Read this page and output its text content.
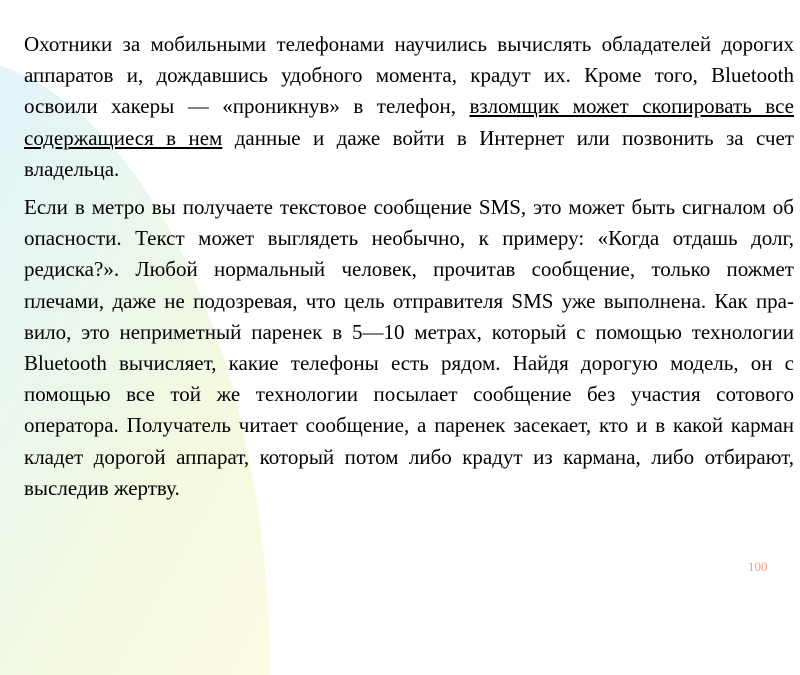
Охотники за мобильными телефонами научились вычислять обладателей дорогих аппаратов и, дождавшись удобного момента, крадут их. Кроме того, Bluetooth освоили хакеры — «проникнув» в телефон, взломщик может скопировать все содержащиеся в нем данные и даже войти в Интернет или позвонить за счет владельца.

Если в метро вы получаете текстовое сообщение SMS, это может быть сигналом об опасности. Текст может выглядеть необычно, к примеру: «Когда отдашь долг, редиска?». Любой нормальный человек, прочитав сообщение, только пожмет плечами, даже не подозревая, что цель отправителя SMS уже выполнена. Как пра-вило, это неприметный паренек в 5—10 метрах, который с помощью технологии Bluetooth вычисляет, какие телефоны есть рядом. Найдя дорогую модель, он с помощью все той же технологии посылает сообщение без участия сотового оператора. Получатель читает сообщение, а паренек засекает, кто и в какой карман кладет дорогой аппарат, который потом либо крадут из кармана, либо отбирают, выследив жертву.

100
